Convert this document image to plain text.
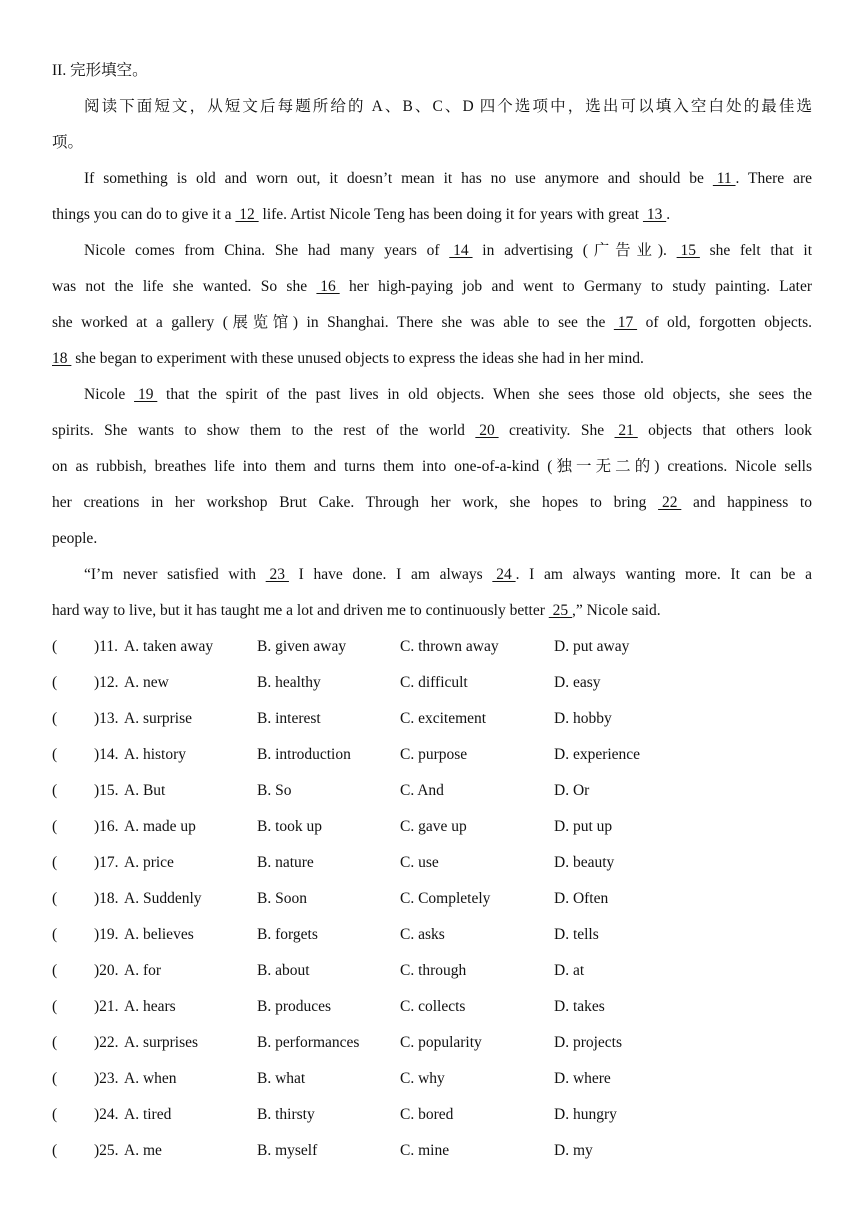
II. 完形填空。
阅读下面短文，从短文后每题所给的 A、B、C、D 四个选项中，选出可以填入空白处的最佳选
项。
If something is old and worn out, it doesn’t mean it has no use anymore and should be  11 . There are
things you can do to give it a  12  life. Artist Nicole Teng has been doing it for years with great  13 .
Nicole comes from China. She had many years of  14  in advertising (广告业).  15  she felt that it
was not the life she wanted. So she  16  her high-paying job and went to Germany to study painting. Later
she worked at a gallery (展览馆) in Shanghai. There she was able to see the  17  of old, forgotten objects.
18  she began to experiment with these unused objects to express the ideas she had in her mind.
Nicole  19  that the spirit of the past lives in old objects. When she sees those old objects, she sees the
spirits. She wants to show them to the rest of the world  20  creativity. She  21  objects that others look
on as rubbish, breathes life into them and turns them into one-of-a-kind (独一无二的) creations. Nicole sells
her creations in her workshop Brut Cake. Through her work, she hopes to bring  22  and happiness to
people.
“I’m never satisfied with  23  I have done. I am always  24 . I am always wanting more. It can be a
hard way to live, but it has taught me a lot and driven me to continuously better  25 ,” Nicole said.
( )11. A. taken away	B. given away	C. thrown away	D. put away
( )12. A. new	B. healthy	C. difficult	D. easy
( )13. A. surprise	B. interest	C. excitement	D. hobby
( )14. A. history	B. introduction	C. purpose	D. experience
( )15. A. But	B. So	C. And	D. Or
( )16. A. made up	B. took up	C. gave up	D. put up
( )17. A. price	B. nature	C. use	D. beauty
( )18. A. Suddenly	B. Soon	C. Completely	D. Often
( )19. A. believes	B. forgets	C. asks	D. tells
( )20. A. for	B. about	C. through	D. at
( )21. A. hears	B. produces	C. collects	D. takes
( )22. A. surprises	B. performances	C. popularity	D. projects
( )23. A. when	B. what	C. why	D. where
( )24. A. tired	B. thirsty	C. bored	D. hungry
( )25. A. me	B. myself	C. mine	D. my
